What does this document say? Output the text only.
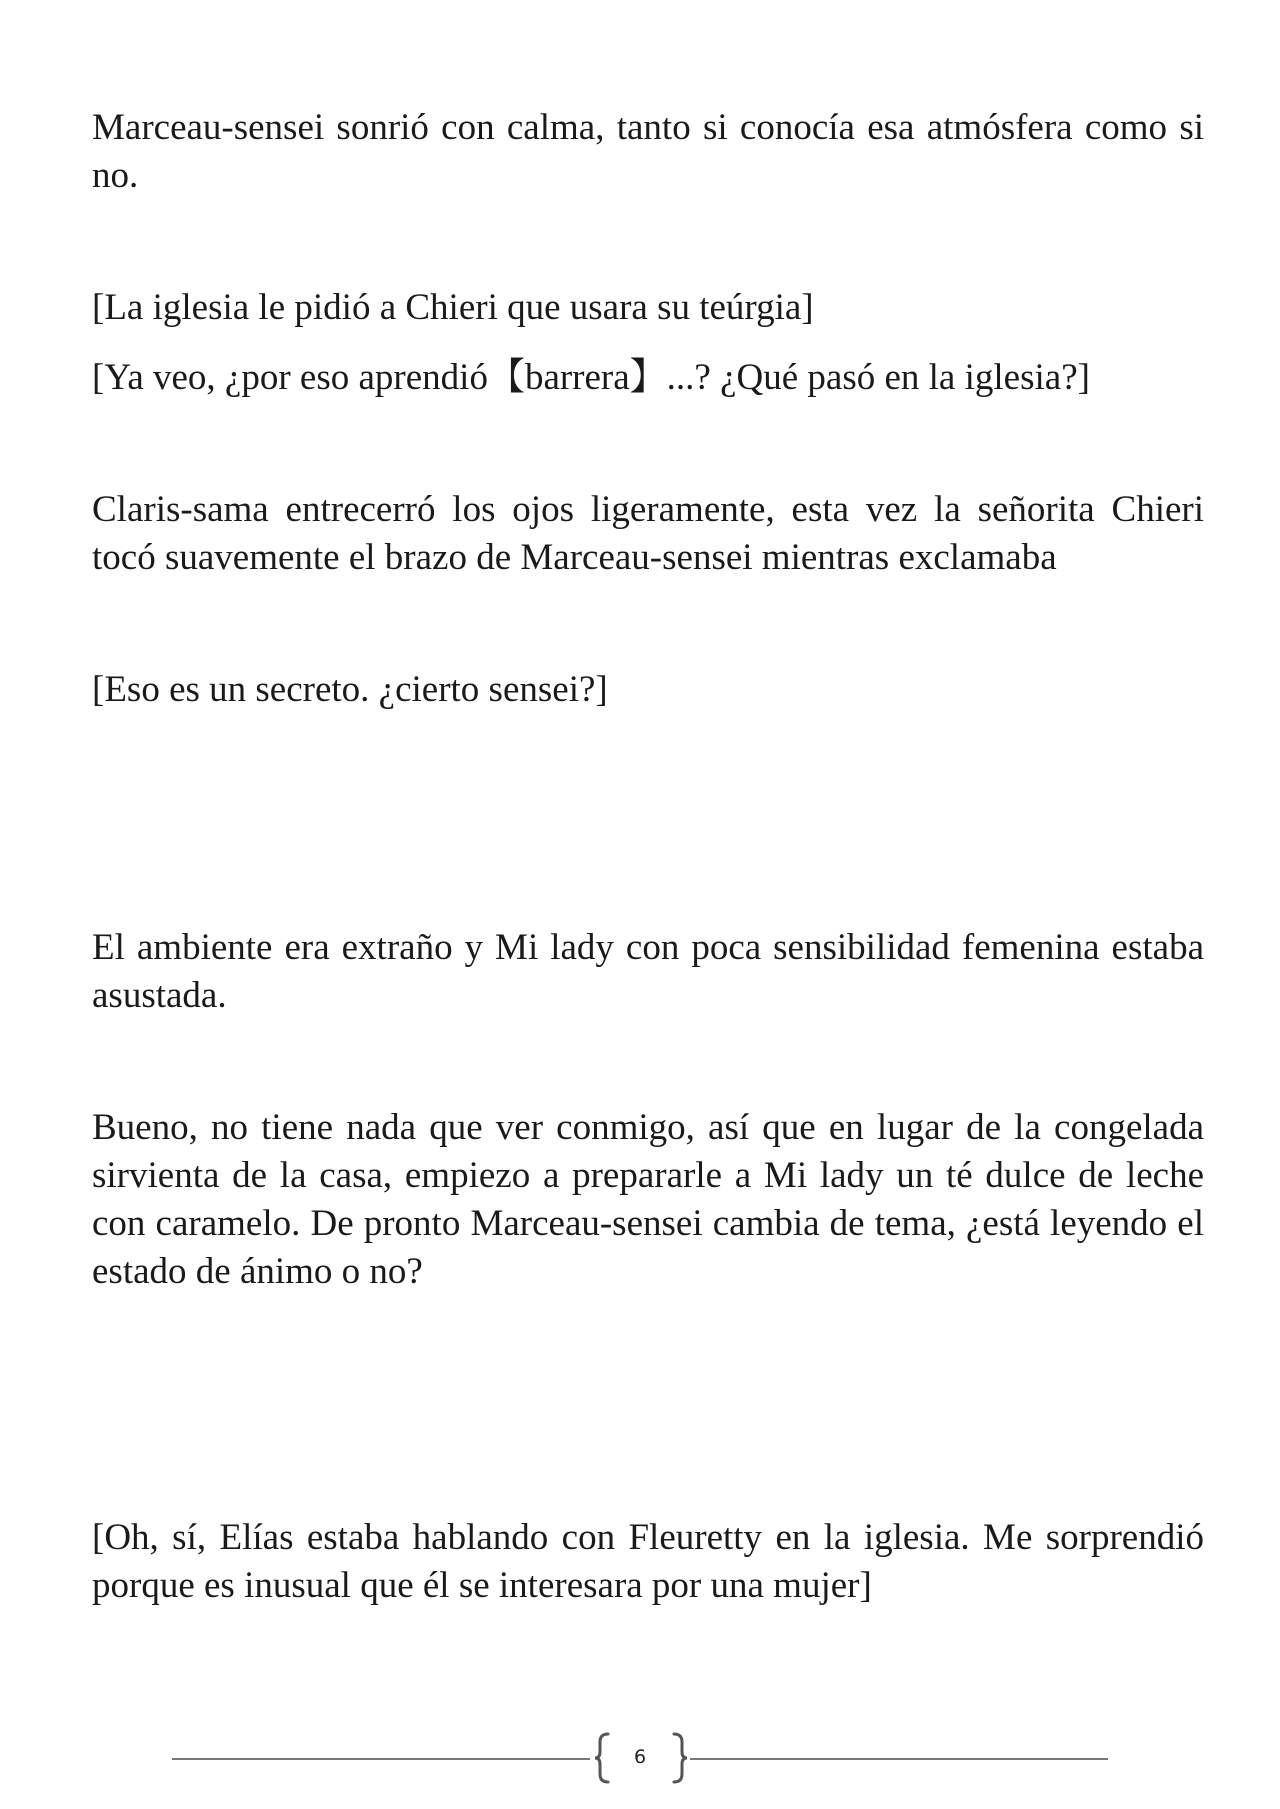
Marceau-sensei sonrió con calma, tanto si conocía esa atmósfera como si no.

[La iglesia le pidió a Chieri que usara su teúrgia]

[Ya veo, ¿por eso aprendió【barrera】...? ¿Qué pasó en la iglesia?]

Claris-sama entrecerró los ojos ligeramente, esta vez la señorita Chieri tocó suavemente el brazo de Marceau-sensei mientras exclamaba

[Eso es un secreto. ¿cierto sensei?]

El ambiente era extraño y Mi lady con poca sensibilidad femenina estaba asustada.

Bueno, no tiene nada que ver conmigo, así que en lugar de la congelada sirvienta de la casa, empiezo a prepararle a Mi lady un té dulce de leche con caramelo. De pronto Marceau-sensei cambia de tema, ¿está leyendo el estado de ánimo o no?

[Oh, sí, Elías estaba hablando con Fleuretty en la iglesia. Me sorprendió porque es inusual que él se interesara por una mujer]

6
